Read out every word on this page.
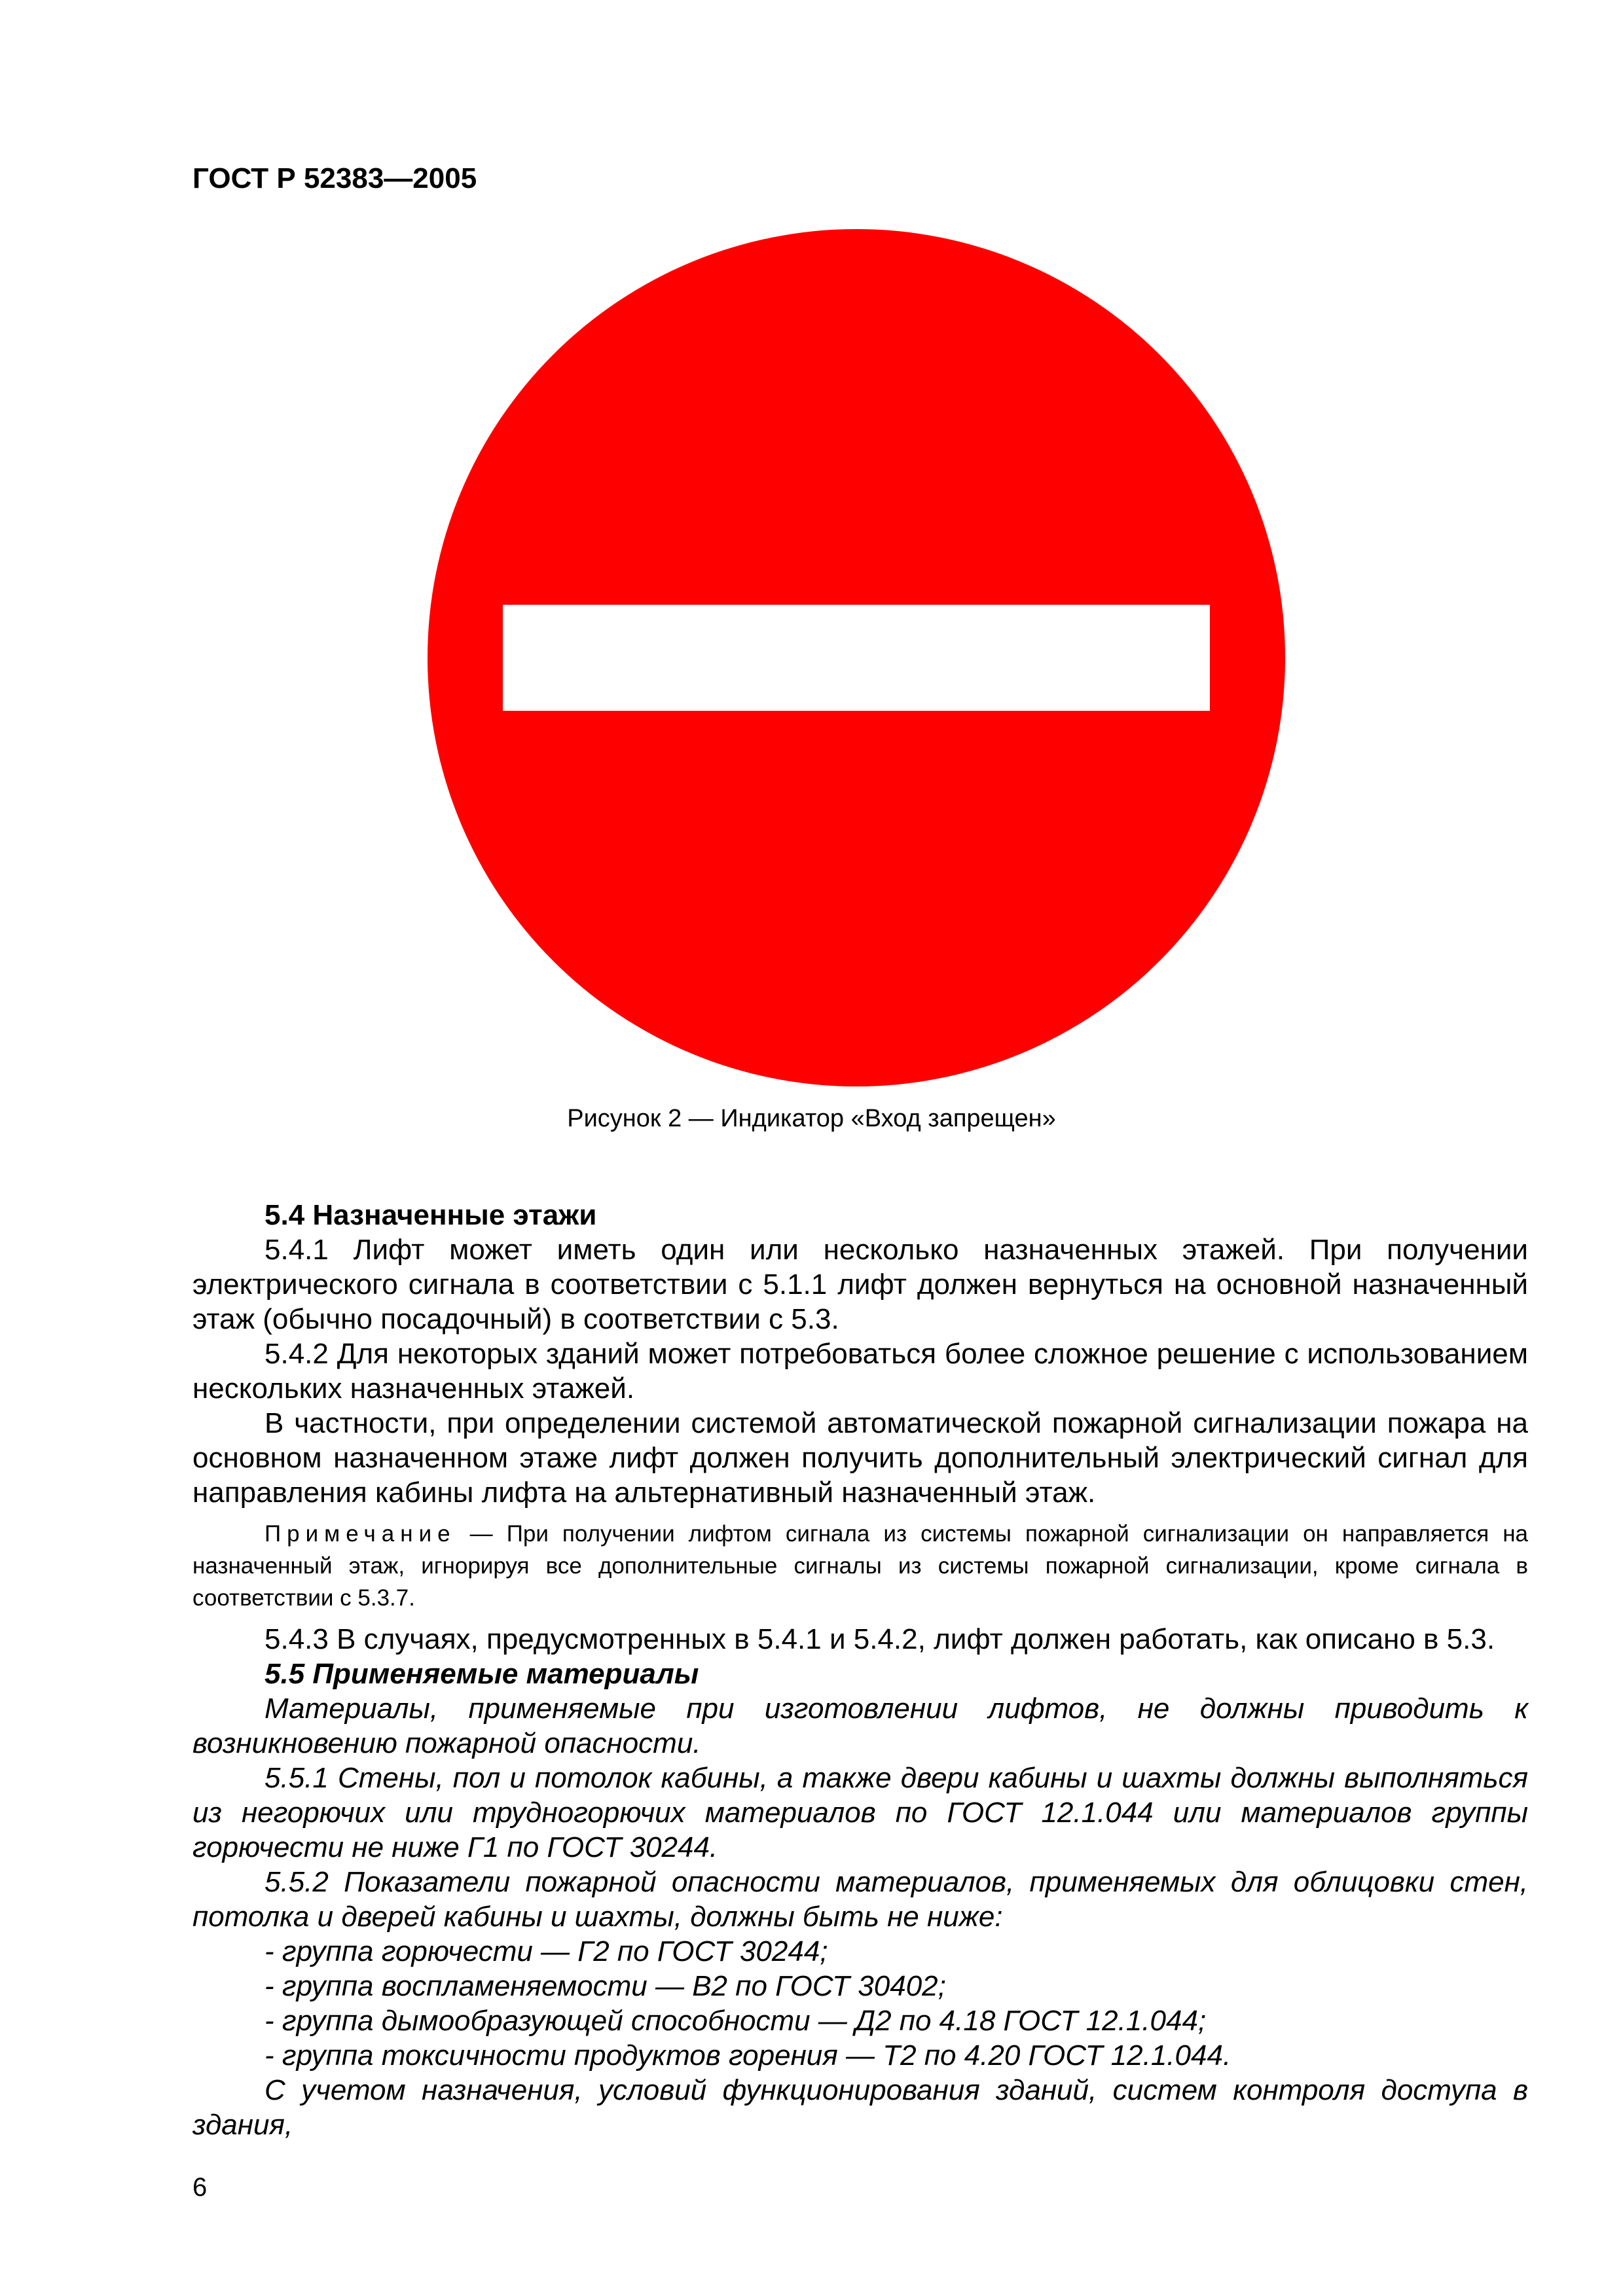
ГОСТ Р 52383—2005
Рисунок 2 — Индикатор «Вход запрещен»

5.4 Назначенные этажи

5.4.1 Лифт может иметь один или несколько назначенных этажей. При получении электрического сигнала в соответствии с 5.1.1 лифт должен вернуться на основной назначенный этаж (обычно посадочный) в соответствии с 5.3.

5.4.2 Для некоторых зданий может потребоваться более сложное решение с использованием нескольких назначенных этажей.

В частности, при определении системой автоматической пожарной сигнализации пожара на основном назначенном этаже лифт должен получить дополнительный электрический сигнал для направления кабины лифта на альтернативный назначенный этаж.

Примечание — При получении лифтом сигнала из системы пожарной сигнализации он направляется на назначенный этаж, игнорируя все дополнительные сигналы из системы пожарной сигнализации, кроме сигнала в соответствии с 5.3.7.

5.4.3 В случаях, предусмотренных в 5.4.1 и 5.4.2, лифт должен работать, как описано в 5.3.

5.5 Применяемые материалы

Материалы, применяемые при изготовлении лифтов, не должны приводить к возникновению пожарной опасности.

5.5.1 Стены, пол и потолок кабины, а также двери кабины и шахты должны выполняться из негорючих или трудногорючих материалов по ГОСТ 12.1.044 или материалов группы горючести не ниже Г1 по ГОСТ 30244.

5.5.2 Показатели пожарной опасности материалов, применяемых для облицовки стен, потолка и дверей кабины и шахты, должны быть не ниже:

- группа горючести — Г2 по ГОСТ 30244;

- группа воспламеняемости — В2 по ГОСТ 30402;

- группа дымообразующей способности — Д2 по 4.18 ГОСТ 12.1.044;

- группа токсичности продуктов горения — Т2 по 4.20 ГОСТ 12.1.044.

С учетом назначения, условий функционирования зданий, систем контроля доступа в здания,

6
